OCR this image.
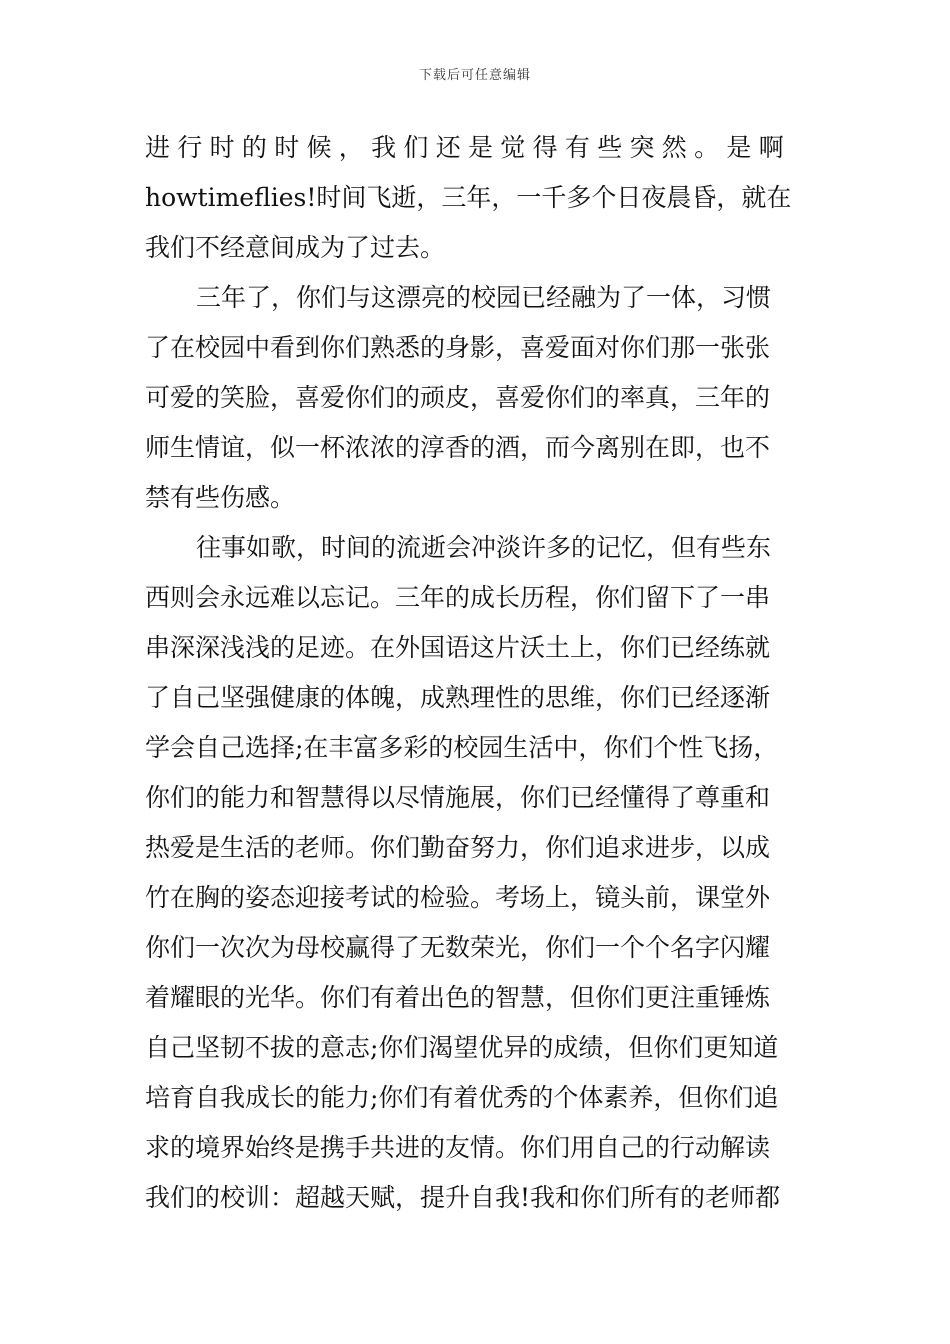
下载后可任意编辑
进行时的时候，我们还是觉得有些突然。是啊
howtimeflies!时间飞逝，三年，一千多个日夜晨昏，就在
我们不经意间成为了过去。
三年了，你们与这漂亮的校园已经融为了一体，习惯
了在校园中看到你们熟悉的身影，喜爱面对你们那一张张
可爱的笑脸，喜爱你们的顽皮，喜爱你们的率真，三年的
师生情谊，似一杯浓浓的淳香的酒，而今离别在即，也不
禁有些伤感。
往事如歌，时间的流逝会冲淡许多的记忆，但有些东
西则会永远难以忘记。三年的成长历程，你们留下了一串
串深深浅浅的足迹。在外国语这片沃土上，你们已经练就
了自己坚强健康的体魄，成熟理性的思维，你们已经逐渐
学会自己选择;在丰富多彩的校园生活中，你们个性飞扬，
你们的能力和智慧得以尽情施展，你们已经懂得了尊重和
热爱是生活的老师。你们勤奋努力，你们追求进步，以成
竹在胸的姿态迎接考试的检验。考场上，镜头前，课堂外
你们一次次为母校赢得了无数荣光，你们一个个名字闪耀
着耀眼的光华。你们有着出色的智慧，但你们更注重锤炼
自己坚韧不拔的意志;你们渴望优异的成绩，但你们更知道
培育自我成长的能力;你们有着优秀的个体素养，但你们追
求的境界始终是携手共进的友情。你们用自己的行动解读
我们的校训：超越天赋，提升自我!我和你们所有的老师都
